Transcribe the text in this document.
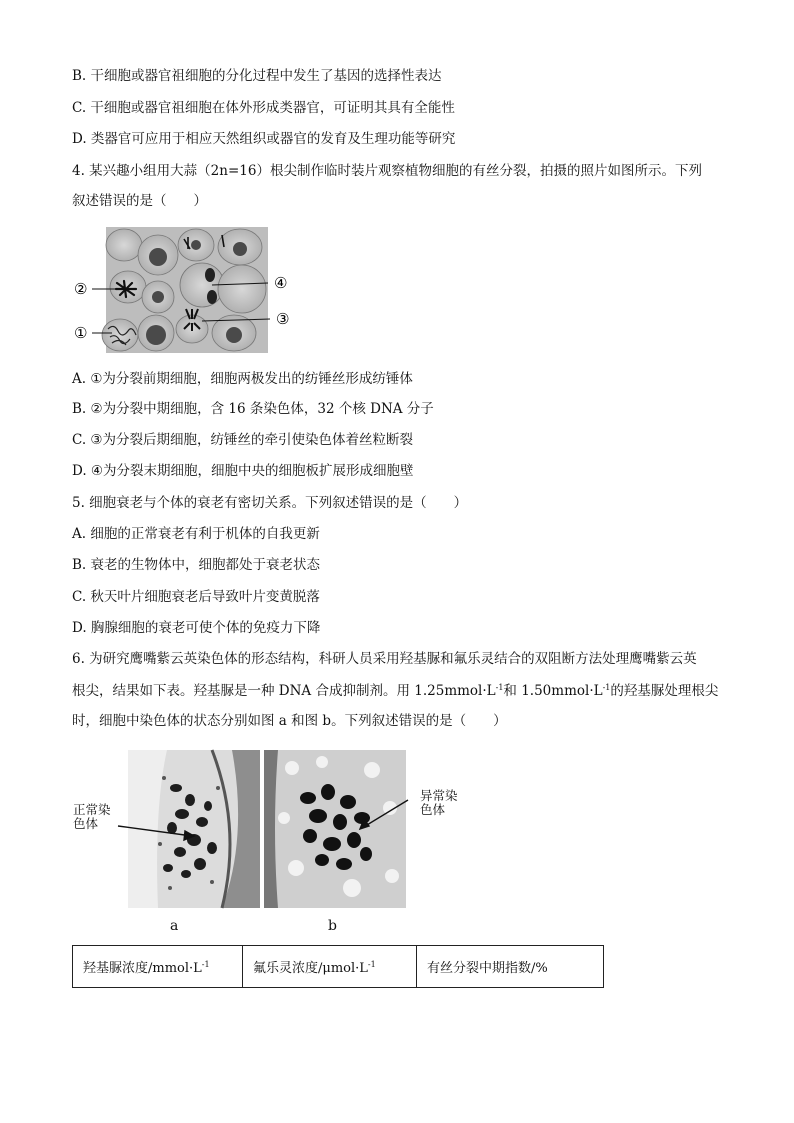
B. 干细胞或器官祖细胞的分化过程中发生了基因的选择性表达
C. 干细胞或器官祖细胞在体外形成类器官，可证明其具有全能性
D. 类器官可应用于相应天然组织或器官的发育及生理功能等研究
4. 某兴趣小组用大蒜（2n=16）根尖制作临时装片观察植物细胞的有丝分裂，拍摄的照片如图所示。下列
叙述错误的是（　　）
②
①
④
③
A. ①为分裂前期细胞，细胞两极发出的纺锤丝形成纺锤体
B. ②为分裂中期细胞，含 16 条染色体，32 个核 DNA 分子
C. ③为分裂后期细胞，纺锤丝的牵引使染色体着丝粒断裂
D. ④为分裂末期细胞，细胞中央的细胞板扩展形成细胞壁
5. 细胞衰老与个体的衰老有密切关系。下列叙述错误的是（　　）
A. 细胞的正常衰老有利于机体的自我更新
B. 衰老的生物体中，细胞都处于衰老状态
C. 秋天叶片细胞衰老后导致叶片变黄脱落
D. 胸腺细胞的衰老可使个体的免疫力下降
6. 为研究鹰嘴紫云英染色体的形态结构，科研人员采用羟基脲和氟乐灵结合的双阻断方法处理鹰嘴紫云英
根尖，结果如下表。羟基脲是一种 DNA 合成抑制剂。用 $1.25mmol\cdot L^{-1}$和 $1.50mmol\cdot L^{-1}$的羟基脲处理根尖
时，细胞中染色体的状态分别如图 a 和图 b。下列叙述错误的是（　　）
正常染
色体
异常染
色体
a	b
羟基脲浓度$/mmol\cdot L^{-1}$	氟乐灵浓度$/\mu mol\cdot L^{-1}$	有丝分裂中期指数/%
